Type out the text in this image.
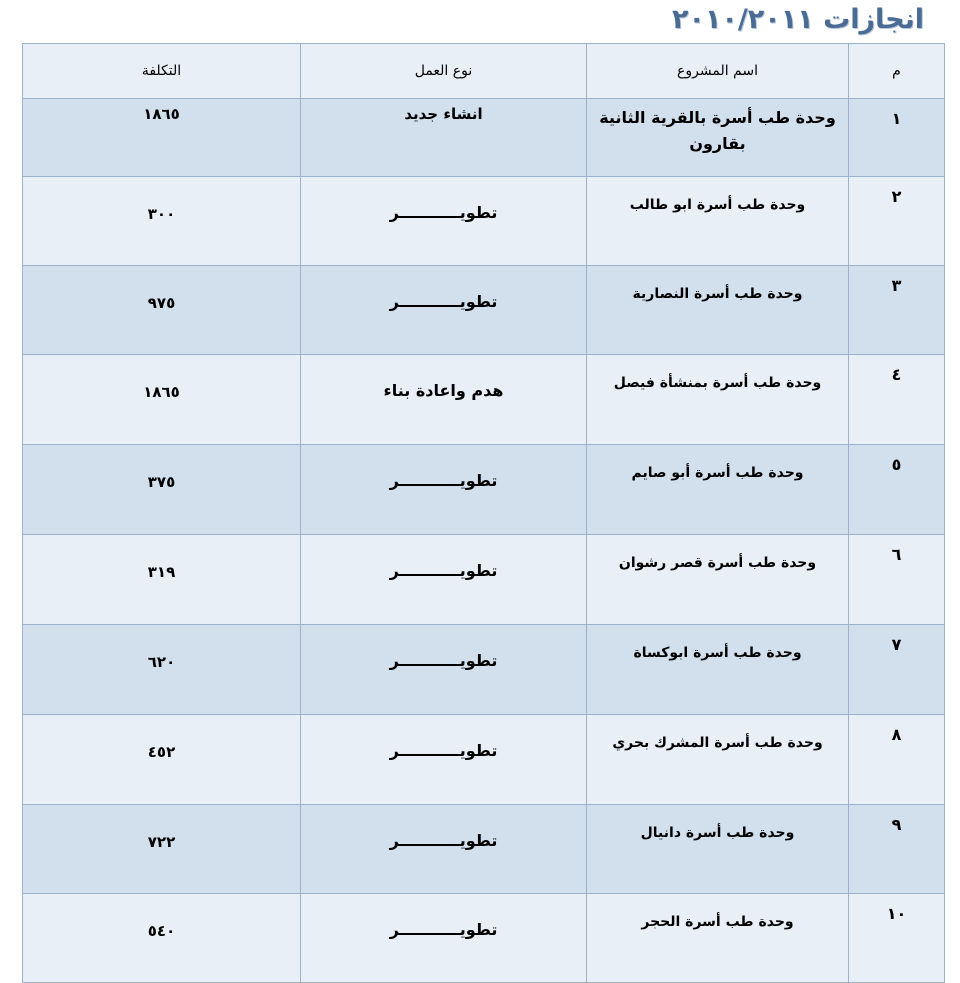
انجازات ٢٠١٠/٢٠١١
م	اسم المشروع	نوع العمل	التكلفة
١	وحدة طب أسرة بالقرية الثانية بقارون	انشاء جديد	١٨٦٥
٢	وحدة طب أسرة ابو طالب	تطويـــــــــــر	٣٠٠
٣	وحدة طب أسرة النصارية	تطويـــــــــــر	٩٧٥
٤	وحدة طب أسرة بمنشأة فيصل	هدم واعادة بناء	١٨٦٥
٥	وحدة طب أسرة أبو صايم	تطويـــــــــــر	٣٧٥
٦	وحدة طب أسرة قصر رشوان	تطويـــــــــــر	٣١٩
٧	وحدة طب أسرة ابوكساة	تطويـــــــــــر	٦٢٠
٨	وحدة طب أسرة المشرك بحري	تطويـــــــــــر	٤٥٢
٩	وحدة طب أسرة دانيال	تطويـــــــــــر	٧٢٢
١٠	وحدة طب أسرة الحجر	تطويـــــــــــر	٥٤٠
